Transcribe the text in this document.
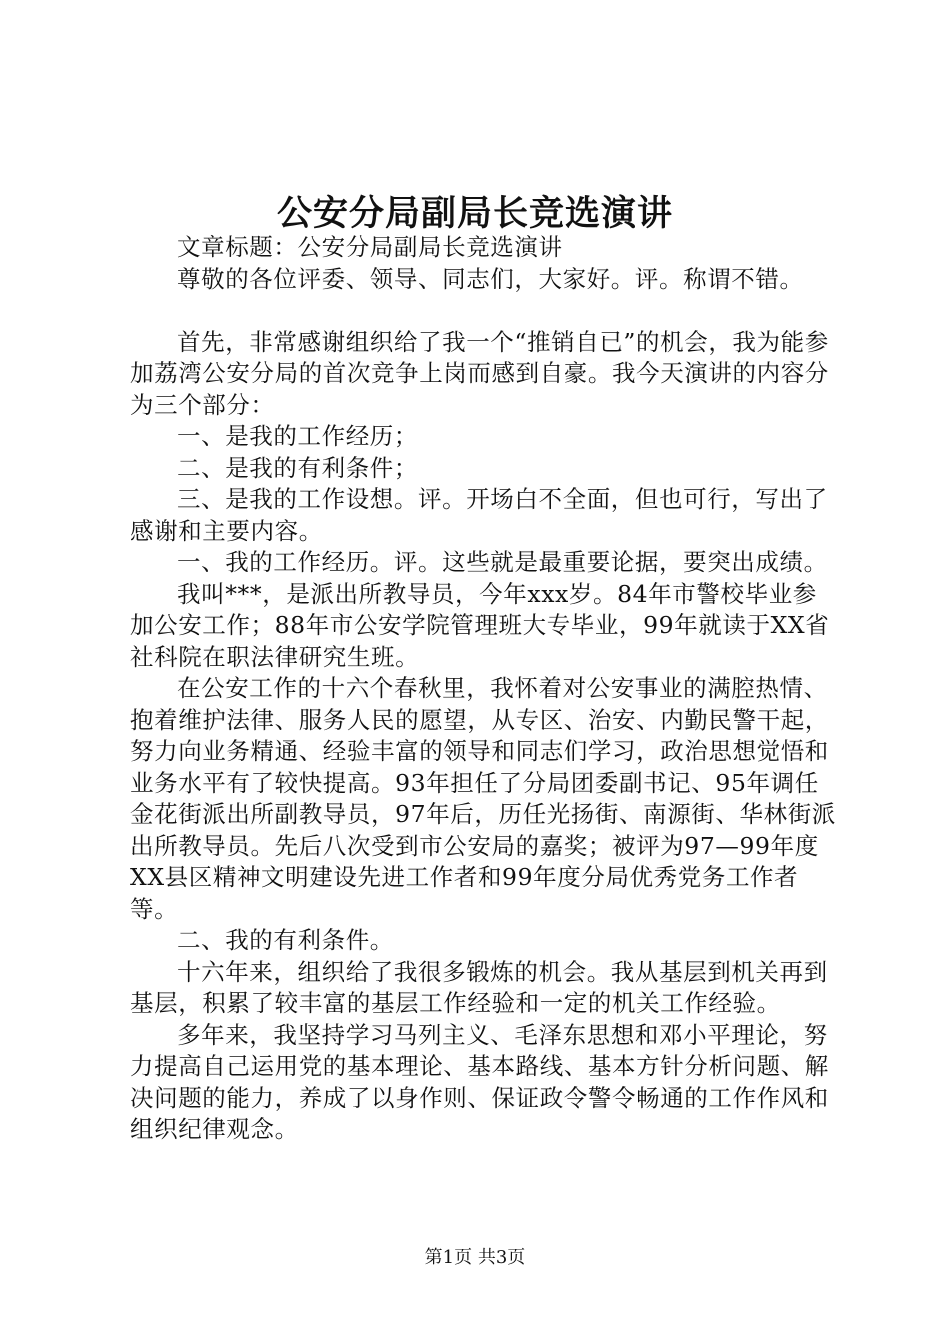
公安分局副局长竞选演讲

文章标题：公安分局副局长竞选演讲

尊敬的各位评委、领导、同志们，大家好。评。称谓不错。

首先，非常感谢组织给了我一个“推销自已”的机会，我为能参加荔湾公安分局的首次竞争上岗而感到自豪。我今天演讲的内容分为三个部分：

一、是我的工作经历；

二、是我的有利条件；

三、是我的工作设想。评。开场白不全面，但也可行，写出了感谢和主要内容。

一、我的工作经历。评。这些就是最重要论据，要突出成绩。

我叫***，是派出所教导员，今年xxx岁。84年市警校毕业参加公安工作；88年市公安学院管理班大专毕业，99年就读于XX省社科院在职法律研究生班。

在公安工作的十六个春秋里，我怀着对公安事业的满腔热情、抱着维护法律、服务人民的愿望，从专区、治安、内勤民警干起，努力向业务精通、经验丰富的领导和同志们学习，政治思想觉悟和业务水平有了较快提高。93年担任了分局团委副书记、95年调任金花街派出所副教导员，97年后，历任光扬街、南源街、华林街派出所教导员。先后八次受到市公安局的嘉奖；被评为97—99年度XX县区精神文明建设先进工作者和99年度分局优秀党务工作者等。

二、我的有利条件。

十六年来，组织给了我很多锻炼的机会。我从基层到机关再到基层，积累了较丰富的基层工作经验和一定的机关工作经验。

多年来，我坚持学习马列主义、毛泽东思想和邓小平理论，努力提高自己运用党的基本理论、基本路线、基本方针分析问题、解决问题的能力，养成了以身作则、保证政令警令畅通的工作作风和组织纪律观念。

第1页 共3页
